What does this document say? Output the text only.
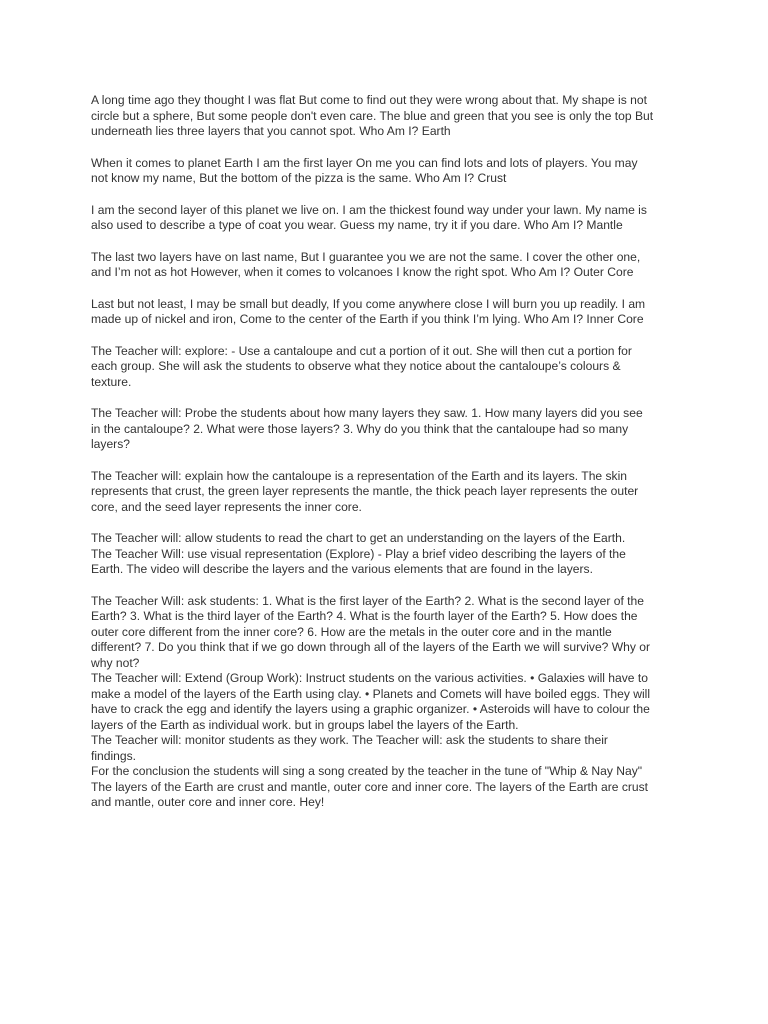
A long time ago they thought I was flat But come to find out they were wrong about that. My shape is not
circle but a sphere, But some people don't even care. The blue and green that you see is only the top But
underneath lies three layers that you cannot spot. Who Am I? Earth

When it comes to planet Earth I am the first layer On me you can find lots and lots of players. You may
not know my name, But the bottom of the pizza is the same. Who Am I? Crust

I am the second layer of this planet we live on. I am the thickest found way under your lawn. My name is
also used to describe a type of coat you wear. Guess my name, try it if you dare. Who Am I? Mantle

The last two layers have on last name, But I guarantee you we are not the same. I cover the other one,
and I’m not as hot However, when it comes to volcanoes I know the right spot. Who Am I? Outer Core

Last but not least, I may be small but deadly, If you come anywhere close I will burn you up readily. I am
made up of nickel and iron, Come to the center of the Earth if you think I’m lying. Who Am I? Inner Core

The Teacher will: explore: - Use a cantaloupe and cut a portion of it out. She will then cut a portion for
each group. She will ask the students to observe what they notice about the cantaloupe’s colours &
texture.

The Teacher will: Probe the students about how many layers they saw. 1. How many layers did you see
in the cantaloupe? 2. What were those layers? 3. Why do you think that the cantaloupe had so many
layers?

The Teacher will: explain how the cantaloupe is a representation of the Earth and its layers. The skin
represents that crust, the green layer represents the mantle, the thick peach layer represents the outer
core, and the seed layer represents the inner core.

The Teacher will: allow students to read the chart to get an understanding on the layers of the Earth.
The Teacher Will: use visual representation (Explore) - Play a brief video describing the layers of the
Earth. The video will describe the layers and the various elements that are found in the layers.

The Teacher Will: ask students: 1. What is the first layer of the Earth? 2. What is the second layer of the
Earth? 3. What is the third layer of the Earth? 4. What is the fourth layer of the Earth? 5. How does the
outer core different from the inner core? 6. How are the metals in the outer core and in the mantle
different? 7. Do you think that if we go down through all of the layers of the Earth we will survive? Why or
why not?
The Teacher will: Extend (Group Work): Instruct students on the various activities. • Galaxies will have to
make a model of the layers of the Earth using clay. • Planets and Comets will have boiled eggs. They will
have to crack the egg and identify the layers using a graphic organizer. • Asteroids will have to colour the
layers of the Earth as individual work. but in groups label the layers of the Earth.

The Teacher will: monitor students as they work. The Teacher will: ask the students to share their
findings.
For the conclusion the students will sing a song created by the teacher in the tune of "Whip & Nay Nay"
The layers of the Earth are crust and mantle, outer core and inner core. The layers of the Earth are crust
and mantle, outer core and inner core. Hey!
